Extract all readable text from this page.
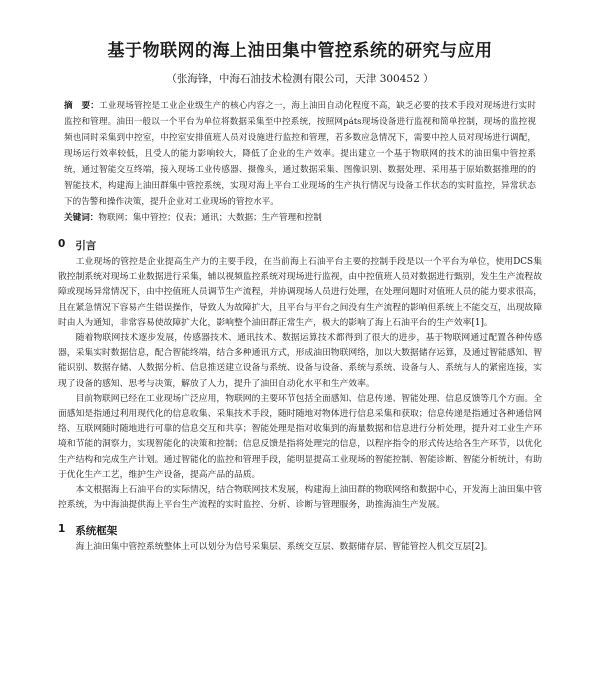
基于物联网的海上油田集中管控系统的研究与应用
（张海锋，中海石油技术检测有限公司，天津 300452 ）
摘　要：工业现场管控是工业企业级生产的核心内容之一，海上油田自动化程度不高，缺乏必要的技术手段对现场进行实时监控和管理。油田一般以一个平台为单位将数据采集至中控系统，按照网páts现场设备进行监视和简单控制，现场的监控视频也同时采集到中控室，中控室安排值班人员对设施进行监控和管理，若多数应急情况下，需要中控人员对现场进行调配，现场运行效率较低，且受人的能力影响较大，降低了企业的生产效率。提出建立一个基于物联网的技术的油田集中管控系统，通过智能交互终端，接入现场工业传感器、摄像头，通过数据采集、图像识别、数据处理、采用基于原始数据推理的的智能技术，构建海上油田群集中管控系统，实现对海上平台工业现场的生产执行情况与设备工作状态的实时监控，异常状态下的告警和操作决策，提升企业对工业现场的管控水平。
关键词：物联网；集中管控；仪表；通讯；大数据；生产管理和控制
0 引言

工业现场的管控是企业提高生产力的主要手段，在当前海上石油平台主要的控制手段是以一个平台为单位，使用DCS集散控制系统对现场工业数据进行采集，辅以视频监控系统对现场进行监视，由中控值班人员对数据进行甄别，发生生产流程故障或现场异常情况下，由中控值班人员调节生产流程，并协调现场人员进行处理，在处理问题时对值班人员的能力要求很高，且在紧急情况下容易产生错误操作，导致人为故障扩大，且平台与平台之间没有生产流程的影响但系统上不能交互，出现故障时由人为通知，非常容易使故障扩大化，影响整个油田群正常生产，极大的影响了海上石油平台的生产效率[1]。

随着物联网技术逐步发展，传感器技术、通讯技术、数据运算技术都得到了很大的进步，基于物联网通过配置各种传感器，采集实时数据信息，配合智能终端，结合多种通讯方式，形成油田物联网络，加以大数据储存运算，及通过智能感知、智能识别、数据存储、人数据分析、信息推送建立设备与系统、设备与设备、系统与系统、设备与人、系统与人的紧密连接，实现了设备的感知、思考与决策，解放了人力，提升了油田自动化水平和生产效率。

目前物联网已经在工业现场广泛应用，物联网的主要环节包括全面感知、信息传递、智能处理、信息反馈等几个方面。全面感知是指通过利用现代化的信息收集、采集技术手段，随时随地对物体进行信息采集和获取；信息传递是指通过各种通信网络、互联网随时随地进行可靠的信息交互和共享；智能处理是指对收集到的海量数据和信息进行分析处理，提升对工业生产环境和节能的洞察力，实现智能化的决策和控制；信息反馈是指将处理完的信息，以程序指令的形式传达给各生产环节，以优化生产结构和完成生产计划。通过智能化的监控和管理手段，能明显提高工业现场的智能控制、智能诊断、智能分析统计，有助于优化生产工艺，维护生产设备，提高产品的品质。

本文根据海上石油平台的实际情况，结合物联网技术发展，构建海上油田群的物联网络和数据中心，开发海上油田集中管控系统，为中海油提供海上平台生产流程的实时监控、分析、诊断与管理服务，助推海油生产发展。

1 系统框架

海上油田集中管控系统整体上可以划分为信号采集层、系统交互层、数据储存层、智能管控人机交互层[2]。
